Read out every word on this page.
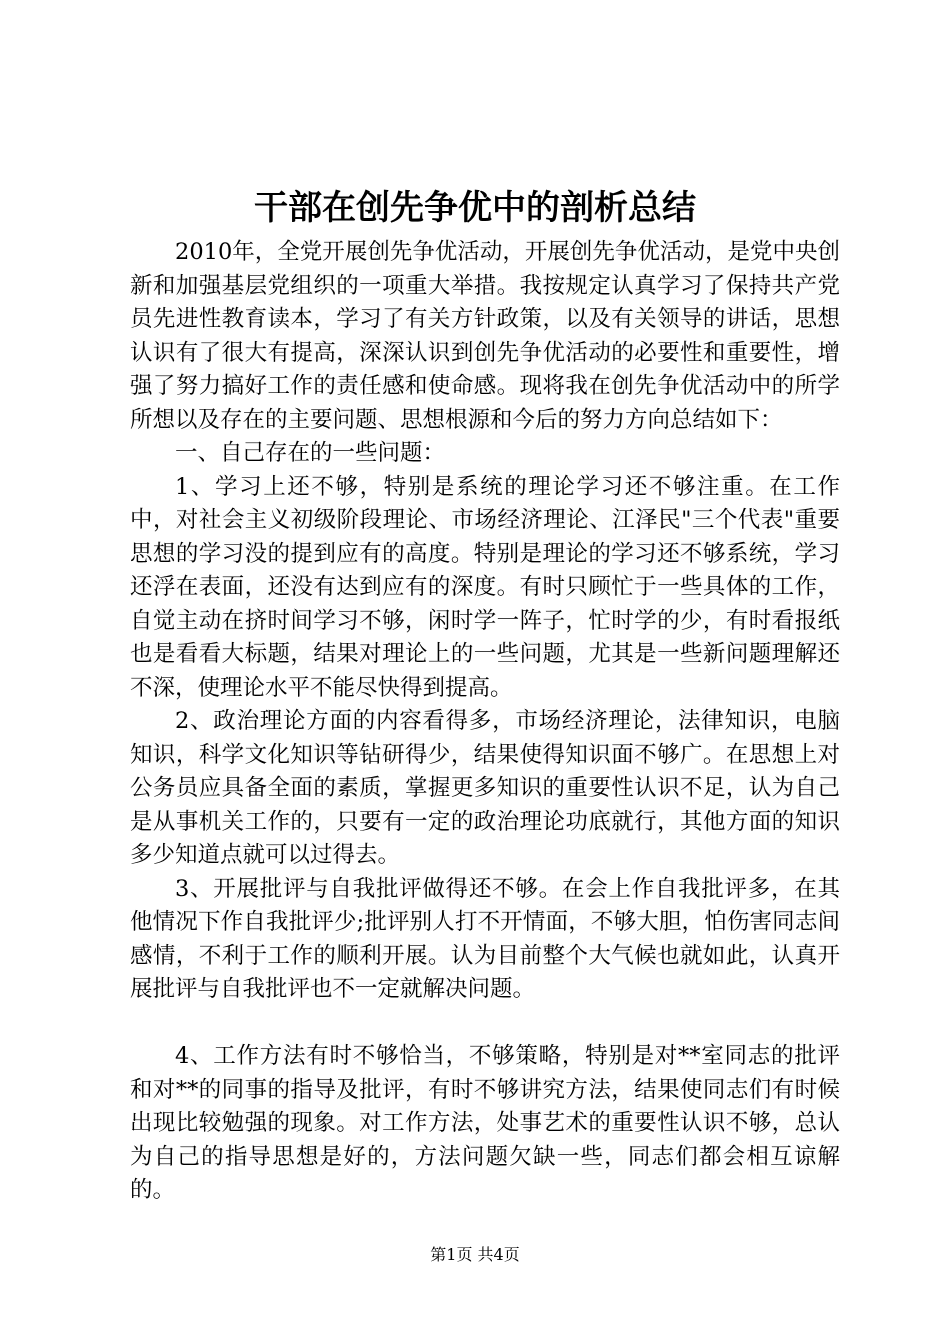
干部在创先争优中的剖析总结

2010年，全党开展创先争优活动，开展创先争优活动，是党中央创新和加强基层党组织的一项重大举措。我按规定认真学习了保持共产党员先进性教育读本，学习了有关方针政策，以及有关领导的讲话，思想认识有了很大有提高，深深认识到创先争优活动的必要性和重要性，增强了努力搞好工作的责任感和使命感。现将我在创先争优活动中的所学所想以及存在的主要问题、思想根源和今后的努力方向总结如下：

一、自己存在的一些问题：

1、学习上还不够，特别是系统的理论学习还不够注重。在工作中，对社会主义初级阶段理论、市场经济理论、江泽民"三个代表"重要思想的学习没的提到应有的高度。特别是理论的学习还不够系统，学习还浮在表面，还没有达到应有的深度。有时只顾忙于一些具体的工作，自觉主动在挤时间学习不够，闲时学一阵子，忙时学的少，有时看报纸也是看看大标题，结果对理论上的一些问题，尤其是一些新问题理解还不深，使理论水平不能尽快得到提高。

2、政治理论方面的内容看得多，市场经济理论，法律知识，电脑知识，科学文化知识等钻研得少，结果使得知识面不够广。在思想上对公务员应具备全面的素质，掌握更多知识的重要性认识不足，认为自己是从事机关工作的，只要有一定的政治理论功底就行，其他方面的知识多少知道点就可以过得去。

3、开展批评与自我批评做得还不够。在会上作自我批评多，在其他情况下作自我批评少;批评别人打不开情面，不够大胆，怕伤害同志间感情，不利于工作的顺利开展。认为目前整个大气候也就如此，认真开展批评与自我批评也不一定就解决问题。

4、工作方法有时不够恰当，不够策略，特别是对**室同志的批评和对**的同事的指导及批评，有时不够讲究方法，结果使同志们有时候出现比较勉强的现象。对工作方法，处事艺术的重要性认识不够，总认为自己的指导思想是好的，方法问题欠缺一些，同志们都会相互谅解的。

第1页 共4页
